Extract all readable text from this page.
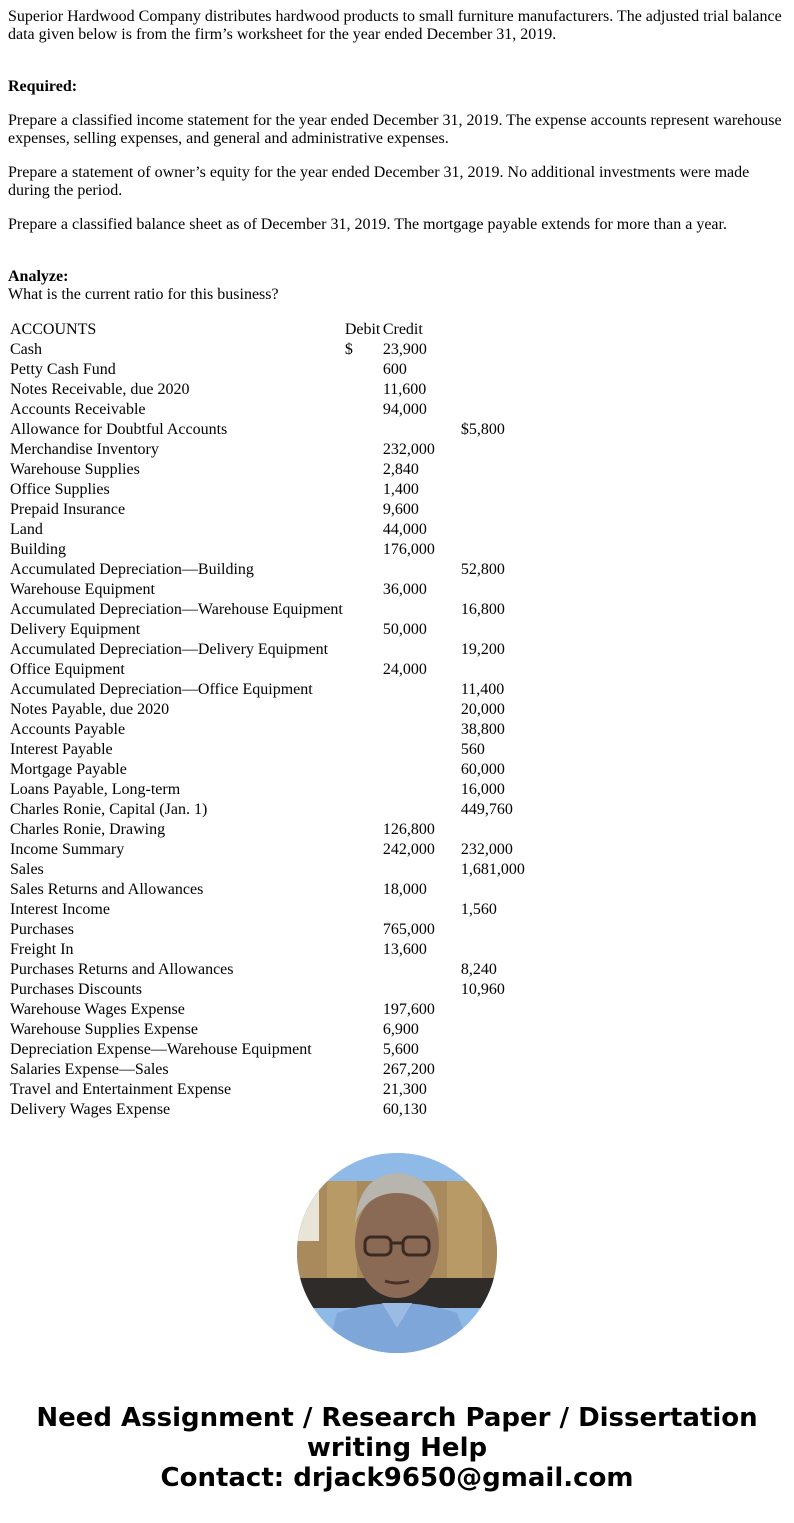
Superior Hardwood Company distributes hardwood products to small furniture manufacturers. The adjusted trial balance data given below is from the firm’s worksheet for the year ended December 31, 2019.

Required:

Prepare a classified income statement for the year ended December 31, 2019. The expense accounts represent warehouse expenses, selling expenses, and general and administrative expenses.

Prepare a statement of owner’s equity for the year ended December 31, 2019. No additional investments were made during the period.

Prepare a classified balance sheet as of December 31, 2019. The mortgage payable extends for more than a year.

Analyze:

What is the current ratio for this business?

ACCOUNTS	Debit	Credit	
Cash	$	23,900	
Petty Cash Fund		600	
Notes Receivable, due 2020		11,600	
Accounts Receivable		94,000	
Allowance for Doubtful Accounts			$5,800
Merchandise Inventory		232,000	
Warehouse Supplies		2,840	
Office Supplies		1,400	
Prepaid Insurance		9,600	
Land		44,000	
Building		176,000	
Accumulated Depreciation—Building			52,800
Warehouse Equipment		36,000	
Accumulated Depreciation—Warehouse Equipment			16,800
Delivery Equipment		50,000	
Accumulated Depreciation—Delivery Equipment			19,200
Office Equipment		24,000	
Accumulated Depreciation—Office Equipment			11,400
Notes Payable, due 2020			20,000
Accounts Payable			38,800
Interest Payable			560
Mortgage Payable			60,000
Loans Payable, Long-term			16,000
Charles Ronie, Capital (Jan. 1)			449,760
Charles Ronie, Drawing		126,800	
Income Summary		242,000	232,000
Sales			1,681,000
Sales Returns and Allowances		18,000	
Interest Income			1,560
Purchases		765,000	
Freight In		13,600	
Purchases Returns and Allowances			8,240
Purchases Discounts			10,960
Warehouse Wages Expense		197,600	
Warehouse Supplies Expense		6,900	
Depreciation Expense—Warehouse Equipment		5,600	
Salaries Expense—Sales		267,200	
Travel and Entertainment Expense		21,300	
Delivery Wages Expense		60,130	
Need Assignment / Research Paper / Dissertation
writing Help
Contact: drjack9650@gmail.com
